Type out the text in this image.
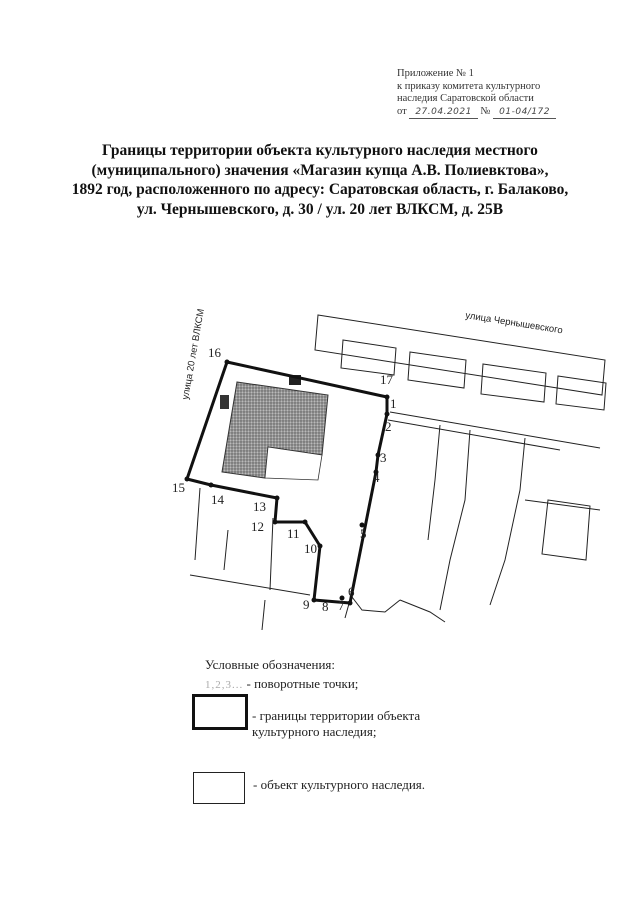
Приложение № 1
к приказу комитета культурного
наследия Саратовской области
от 27.04.2021 № 01-04/172
Границы территории объекта культурного наследия местного
(муниципального) значения «Магазин купца А.В. Полиевктова»,
1892 год, расположенного по адресу: Саратовская область, г. Балаково,
ул. Чернышевского, д. 30 / ул. 20 лет ВЛКСМ, д. 25В
улица Чернышевского
улица 20 лет ВЛКСМ
1
2
3
4
5
6
7
8
9
10
11
12
13
14
15
16
17
Условные обозначения:
1,2,3... - поворотные точки;
- границы территории объекта
культурного наследия;
- объект культурного наследия.
